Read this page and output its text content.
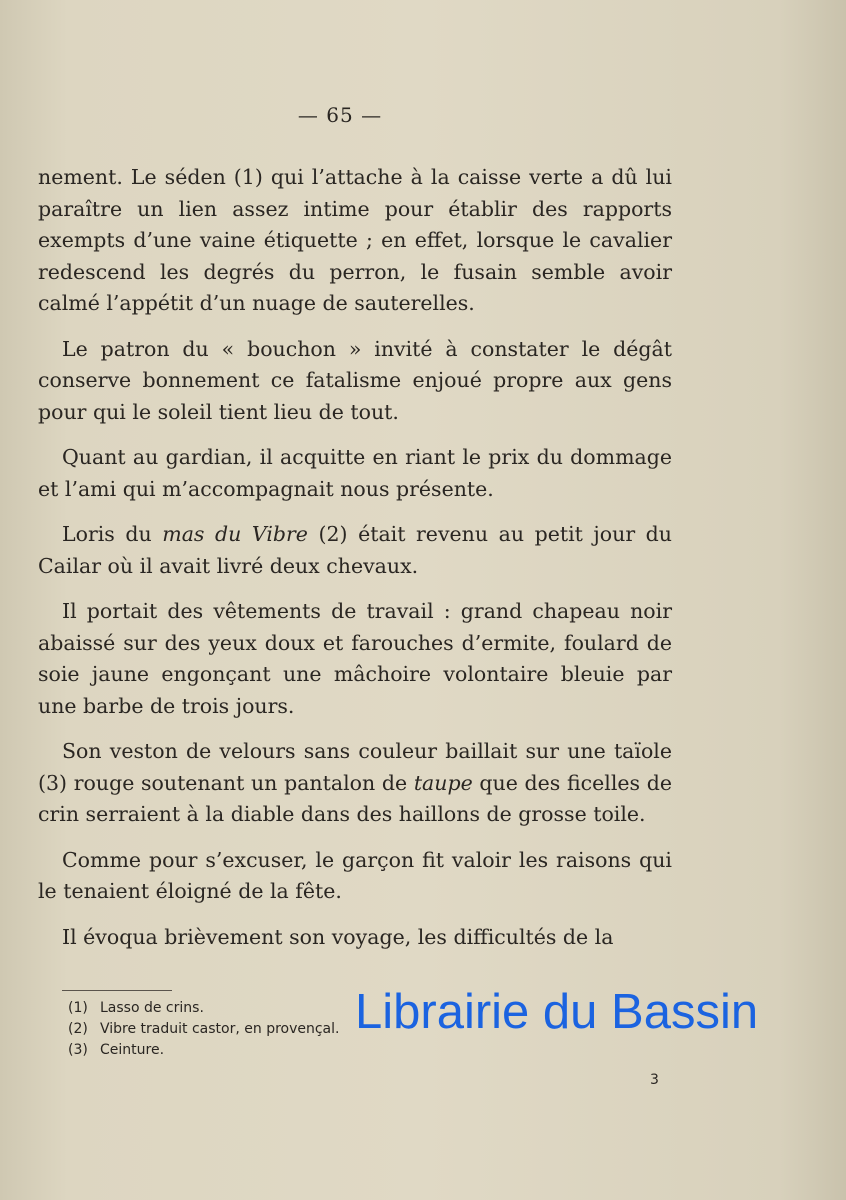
— 65 —

nement. Le séden (1) qui l’attache à la caisse verte a dû lui paraître un lien assez intime pour établir des rapports exempts d’une vaine étiquette ; en effet, lorsque le cavalier redescend les degrés du perron, le fusain semble avoir calmé l’appétit d’un nuage de sauterelles.

Le patron du « bouchon » invité à constater le dégât conserve bonnement ce fatalisme enjoué propre aux gens pour qui le soleil tient lieu de tout.

Quant au gardian, il acquitte en riant le prix du dommage et l’ami qui m’accompagnait nous présente.

Loris du mas du Vibre (2) était revenu au petit jour du Cailar où il avait livré deux chevaux.

Il portait des vêtements de travail : grand chapeau noir abaissé sur des yeux doux et farouches d’ermite, foulard de soie jaune engonçant une mâchoire volontaire bleuie par une barbe de trois jours.

Son veston de velours sans couleur baillait sur une taïole (3) rouge soutenant un pantalon de taupe que des ficelles de crin serraient à la diable dans des haillons de grosse toile.

Comme pour s’excuser, le garçon fit valoir les raisons qui le tenaient éloigné de la fête.

Il évoqua brièvement son voyage, les difficultés de la

(1) Lasso de crins.
(2) Vibre traduit castor, en provençal.
(3) Ceinture.
3
Librairie du Bassin
